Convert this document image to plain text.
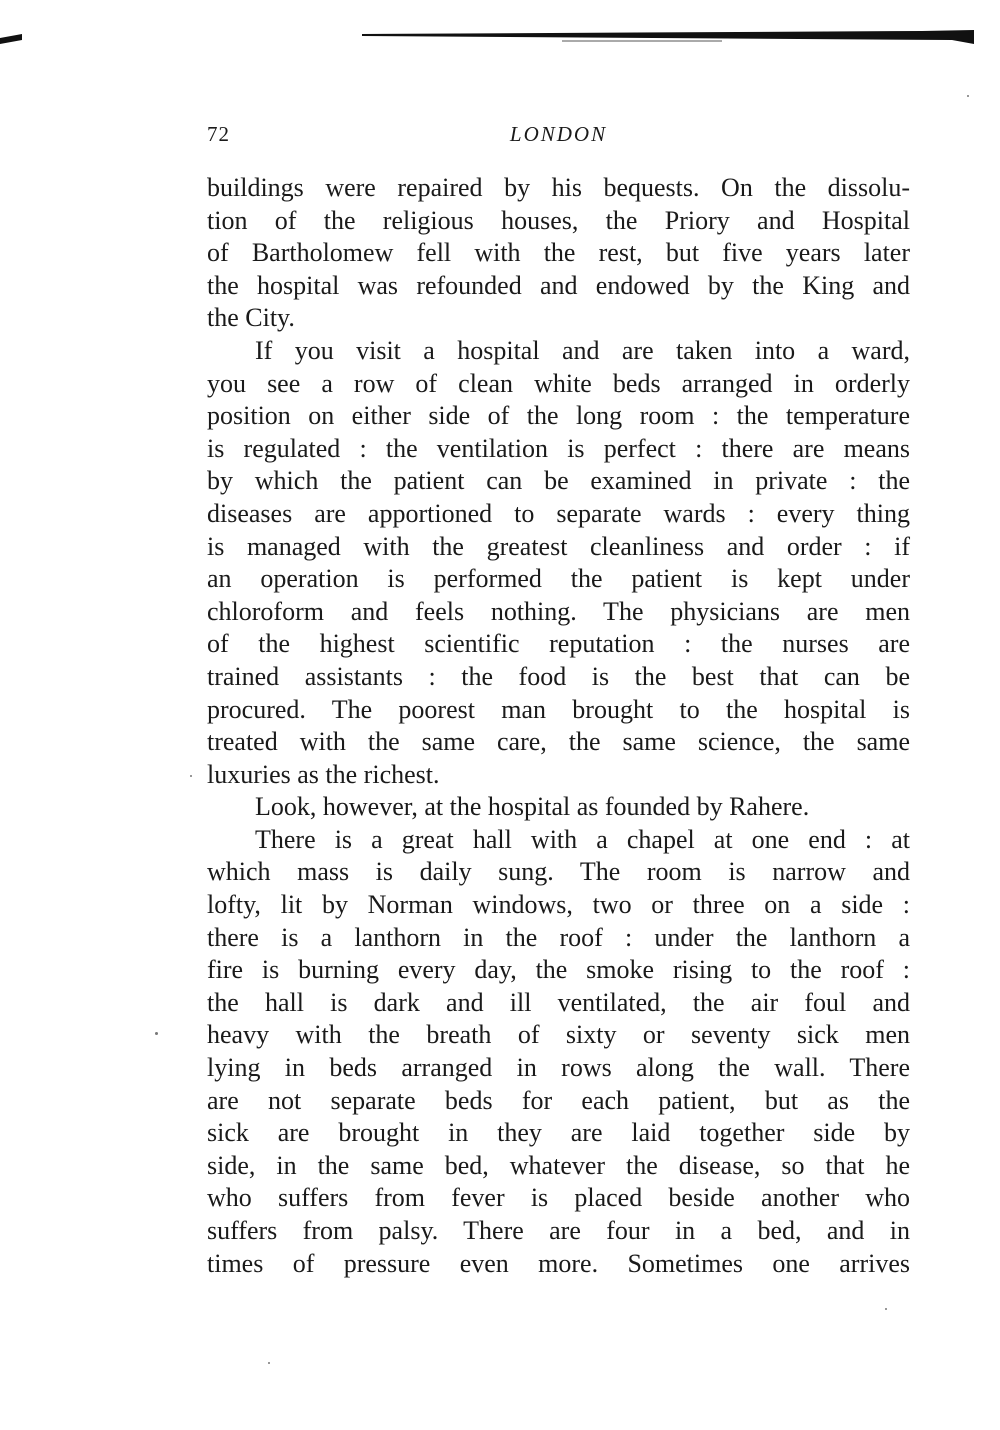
72	LONDON
buildings were repaired by his bequests. On the dissolu-
tion of the religious houses, the Priory and Hospital
of Bartholomew fell with the rest, but five years later
the hospital was refounded and endowed by the King and
the City.
If you visit a hospital and are taken into a ward,
you see a row of clean white beds arranged in orderly
position on either side of the long room : the temperature
is regulated : the ventilation is perfect : there are means
by which the patient can be examined in private : the
diseases are apportioned to separate wards : every thing
is managed with the greatest cleanliness and order : if
an operation is performed the patient is kept under
chloroform and feels nothing. The physicians are men
of the highest scientific reputation : the nurses are
trained assistants : the food is the best that can be
procured. The poorest man brought to the hospital is
treated with the same care, the same science, the same
luxuries as the richest.
Look, however, at the hospital as founded by Rahere.
There is a great hall with a chapel at one end : at
which mass is daily sung. The room is narrow and
lofty, lit by Norman windows, two or three on a side :
there is a lanthorn in the roof : under the lanthorn a
fire is burning every day, the smoke rising to the roof :
the hall is dark and ill ventilated, the air foul and
heavy with the breath of sixty or seventy sick men
lying in beds arranged in rows along the wall. There
are not separate beds for each patient, but as the
sick are brought in they are laid together side by
side, in the same bed, whatever the disease, so that he
who suffers from fever is placed beside another who
suffers from palsy. There are four in a bed, and in
times of pressure even more. Sometimes one arrives
